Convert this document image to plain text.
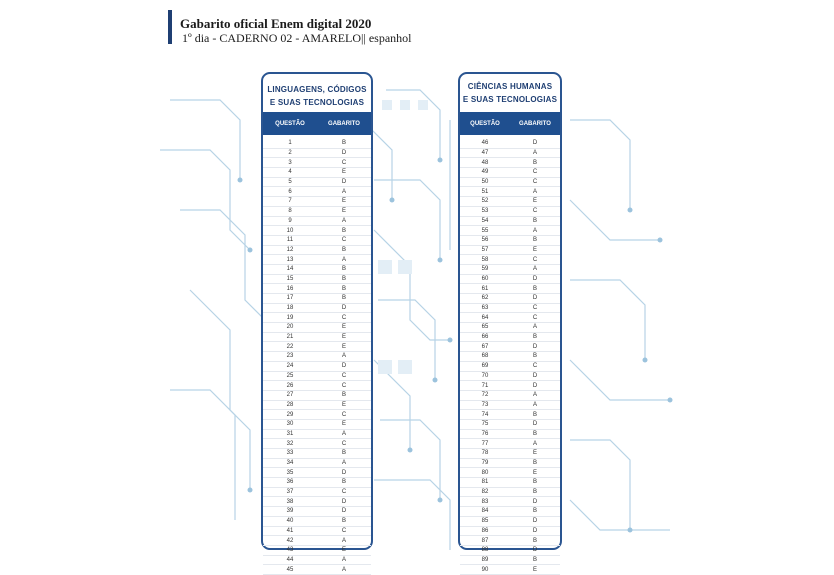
Gabarito oficial Enem digital 2020
1º dia - CADERNO 02 - AMARELO|| espanhol
LINGUAGENS, CÓDIGOS
E SUAS TECNOLOGIAS
QUESTÃO	GABARITO
1	B
2	D
3	C
4	E
5	D
6	A
7	E
8	E
9	A
10	B
11	C
12	B
13	A
14	B
15	B
16	B
17	B
18	D
19	C
20	E
21	E
22	E
23	A
24	D
25	C
26	C
27	B
28	E
29	C
30	E
31	A
32	C
33	B
34	A
35	D
36	B
37	C
38	D
39	D
40	B
41	C
42	A
43	E
44	A
45	A
CIÊNCIAS HUMANAS
E SUAS TECNOLOGIAS
QUESTÃO	GABARITO
46	D
47	A
48	B
49	C
50	C
51	A
52	E
53	C
54	B
55	A
56	B
57	E
58	C
59	A
60	D
61	B
62	D
63	C
64	C
65	A
66	B
67	D
68	B
69	C
70	D
71	D
72	A
73	A
74	B
75	D
76	B
77	A
78	E
79	B
80	E
81	B
82	B
83	D
84	B
85	D
86	D
87	B
88	D
89	B
90	E
